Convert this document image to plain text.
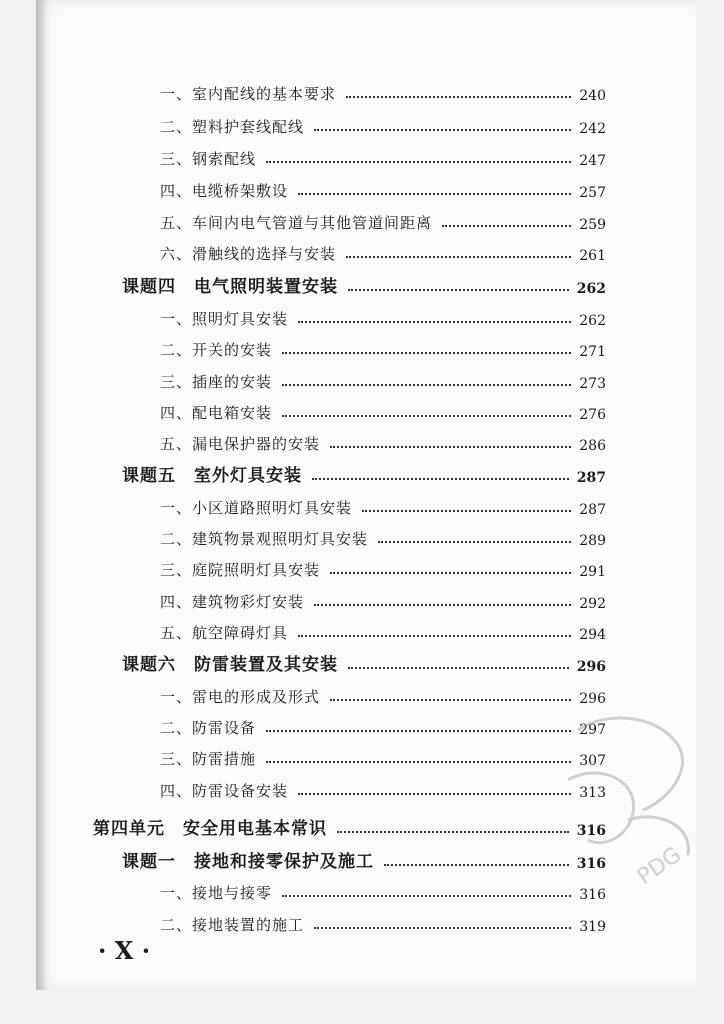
一、室内配线的基本要求	240
二、塑料护套线配线	242
三、钢索配线	247
四、电缆桥架敷设	257
五、车间内电气管道与其他管道间距离	259
六、滑触线的选择与安装	261
课题四　电气照明装置安装	262
一、照明灯具安装	262
二、开关的安装	271
三、插座的安装	273
四、配电箱安装	276
五、漏电保护器的安装	286
课题五　室外灯具安装	287
一、小区道路照明灯具安装	287
二、建筑物景观照明灯具安装	289
三、庭院照明灯具安装	291
四、建筑物彩灯安装	292
五、航空障碍灯具	294
课题六　防雷装置及其安装	296
一、雷电的形成及形式	296
二、防雷设备	297
三、防雷措施	307
四、防雷设备安装	313
第四单元　安全用电基本常识	316
课题一　接地和接零保护及施工	316
一、接地与接零	316
二、接地装置的施工	319
· X ·
PDG
